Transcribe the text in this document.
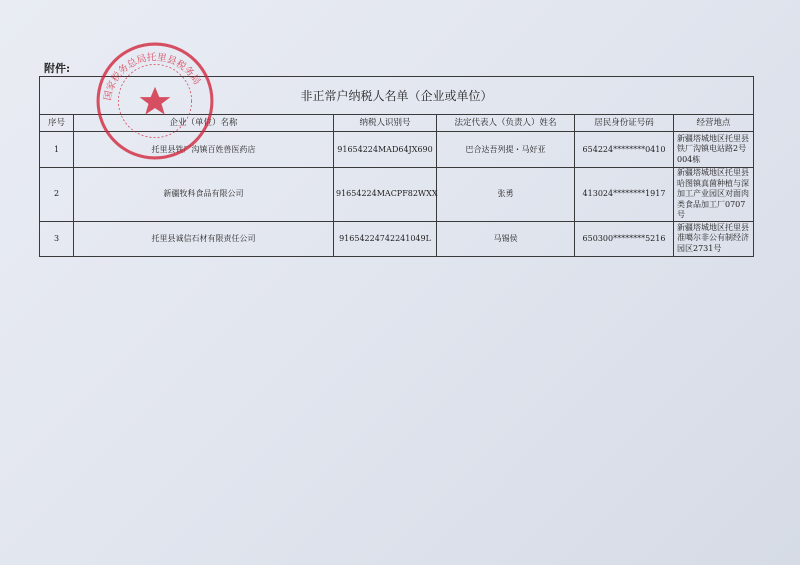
附件:
非正常户纳税人名单（企业或单位）					
序号	企业（单位）名称	纳税人识别号	法定代表人（负责人）姓名	居民身份证号码	经营地点
1	托里县铁厂沟镇百姓兽医药店	91654224MAD64JX690	巴合达吾列提・马好亚	654224********0410	新疆塔城地区托里县铁厂沟镇电站路2号004栋
2	新疆牧科食品有限公司	91654224MACPF82WXX	张勇	413024********1917	新疆塔城地区托里县哈图镇真菌种植与深加工产业园区对面肉类食品加工厂0707号
3	托里县诚信石材有限责任公司	91654224742241049L	马锡侯	650300********5216	新疆塔城地区托里县准噶尔非公有制经济园区2731号
国家税务总局托里县税务局
